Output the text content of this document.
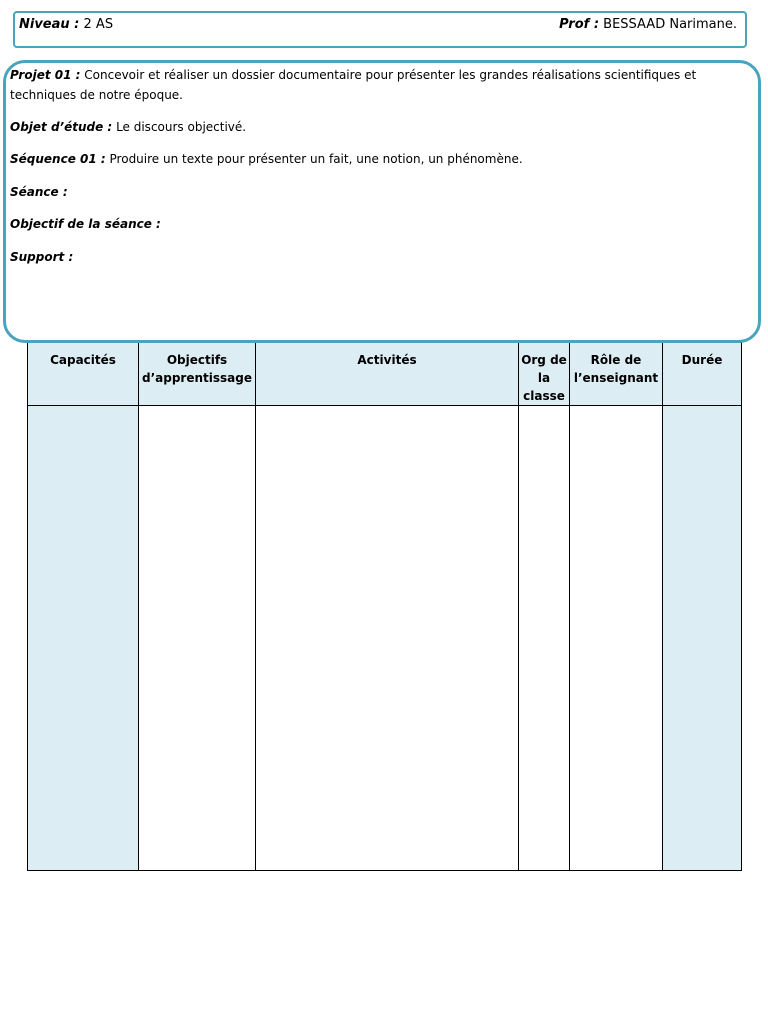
Niveau : 2 AS	Prof : BESSAAD Narimane.
Projet 01 : Concevoir et réaliser un dossier documentaire pour présenter les grandes réalisations scientifiques et techniques de notre époque.
Objet d’étude : Le discours objectivé.
Séquence 01 : Produire un texte pour présenter un fait, une notion, un phénomène.
Séance :
Objectif de la séance :
Support :
Capacités	Objectifs d’apprentissage	Activités	Org de la classe	Rôle de l’enseignant	Durée
